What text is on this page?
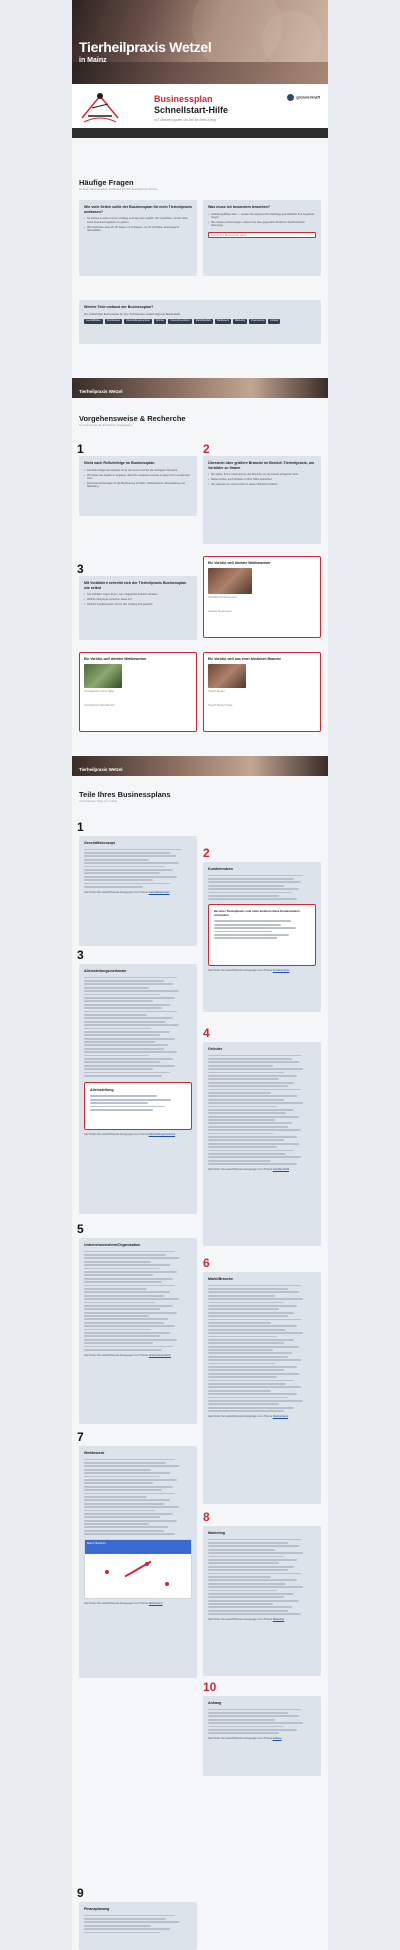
Tierheilpraxis Wetzel
in Mainz
Businessplan
Schnellstart-Hilfe
In 5 Minuten sparen Sie Zeit für Ihren Erfolg
gründerkraft
Häufige Fragen
zu Ihrem Businessplan, individuell für Ihre Tierheilpraxis Wetzel
Wie viele Seiten sollte der Businessplan für mein Tierheilpraxis umfassen?
• So präzise in einem kurzen Umfang so knapp wie möglich. Wir empfehlen, mit der Seite eines Finanzierungsplans zu planen.
• Wir empfehlen etwa 15–30 Seiten mit Anhängen, um Ihr Vorhaben überzeugend darzustellen.
Was muss ich besonders beachten?
• Gründungsfähige Idee — Lassen Sie aufgrund der Marktlage grundsätzlich Ihre Angebote zeigen.
• Sie müssen schnell zeigen, warum Ihre Idee gegenüber ähnlichen Wettbewerbern überzeugt.
Zeit mit dem Businessplan sparen
Welche Teile umfasst der Businessplan?

Ein vollständiger Businessplan für eine Tierheilpraxis umfasst folgende Bestandteile:

Geschäftsidee	Gründerteam	Alleinstellungsmerkmal	Gründer	Unternehmensform	Marktüberblick	Wettbewerb	Marketing	Finanzierung	Anhang
Tierheilpraxis Wetzel
Vorgehensweise & Recherche
So sind wir bei der Erstellung vorgegangen
1
Nicht nach Reiheinfolge im Businessplan
• Die Reihenfolge des Kapitels ist für den Leser und Sie die wichtigste Übersicht.
• Wir haben die Kapitel so angelegt, dass Ihre Gedanken bereits in dieser Form strukturiert sind.
• Die beste Reihenfolge für die Bearbeitung ist Markt, Wettbewerber, Alleinstellung und Marketing.
2
Übersicht über größere Branche im Bereich Tierheilpraxis, um Vorbilder zu finden
• Wir stellen Ihnen Unternehmen der Branche vor, die bereits erfolgreich sind.
• Dabei wurden auch Anbieter in Ihrer Nähe betrachtet.
• Sie erkennen so, was Kunden in diesem Bereich erwarten.
3
Mit Vorbildern schreibt sich der Tierheilpraxis Businessplan wie selbst
• Die Vorbilder zeigen Ihnen, wie erfolgreiche Anbieter arbeiten.
• Welche Zielgruppe sprechen diese an?
• Welcher Kundennutzen wird in den Vordergrund gestellt?
Ein Vorbild, weil direkter Wettbewerber

Tierheilpraxis Mustermann

Anbieter Mustermann

Ein Vorbild, weil direkter Wettbewerber

Tierheilpraxis in Ihrer Nähe

Tierheilpraxis Nahe Bereich

Ein Vorbild, weil aus einer ähnlichen Branche

Tierarzt Muster

Tierarzt Muster Praxis

Tierheilpraxis Wetzel
Teile Ihres Businessplans
mit konkreten Tipps zum Inhalt
1
Geschäftskonzept

Hier finden Sie weiterführende Anregungen zum Thema Geschäftskonzept

2
Kundennutzen
Bei einer Tierheilpraxis sind unter anderem diese Kundennutzen vorhanden:

Hier finden Sie weiterführende Anregungen zum Thema Kundennutzen

3
Alleinstellungsmerkmale
Alleinstellung

Hier finden Sie weiterführende Anregungen zum Thema Alleinstellungsmerkmal

4
Gründer

Hier finden Sie weiterführende Anregungen zum Thema Gründer-Profil

5
Unternehmensform/Organisation

Hier finden Sie weiterführende Anregungen zum Thema Unternehmensform

6
Markt/Branche

Hier finden Sie weiterführende Anregungen zum Thema Marktanalyse

7
Wettbewerb
Mainz Übersicht

Hier finden Sie weiterführende Anregungen zum Thema Wettbewerb

8
Marketing

Hier finden Sie weiterführende Anregungen zum Thema Marketing

9
Finanzplanung
10
Anhang

Hier finden Sie weiterführende Anregungen zum Thema Anhang
